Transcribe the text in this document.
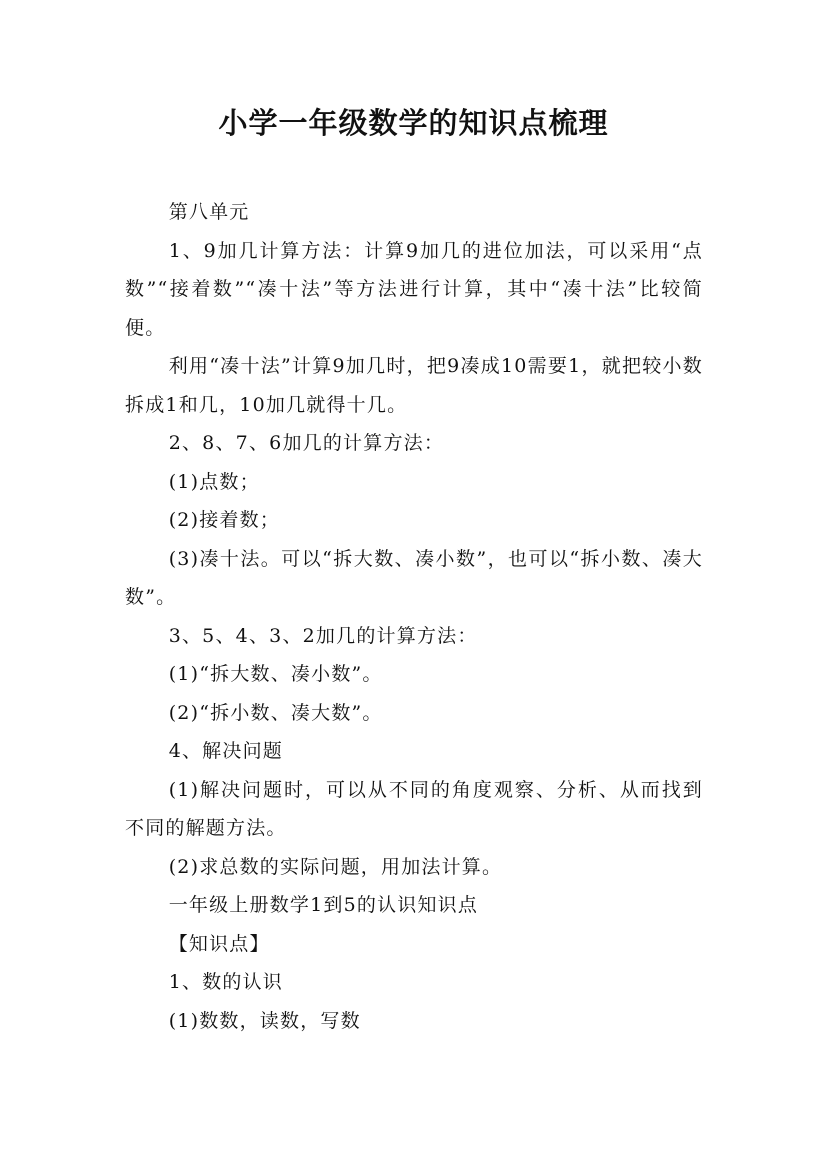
小学一年级数学的知识点梳理

第八单元

1、9加几计算方法：计算9加几的进位加法，可以采用“点数”“接着数”“凑十法”等方法进行计算，其中“凑十法”比较简便。

利用“凑十法”计算9加几时，把9凑成10需要1，就把较小数拆成1和几，10加几就得十几。

2、8、7、6加几的计算方法：

(1)点数；

(2)接着数；

(3)凑十法。可以“拆大数、凑小数”，也可以“拆小数、凑大数”。

3、5、4、3、2加几的计算方法：

(1)“拆大数、凑小数”。

(2)“拆小数、凑大数”。

4、解决问题

(1)解决问题时，可以从不同的角度观察、分析、从而找到不同的解题方法。

(2)求总数的实际问题，用加法计算。

一年级上册数学1到5的认识知识点

【知识点】

1、数的认识

(1)数数，读数，写数
